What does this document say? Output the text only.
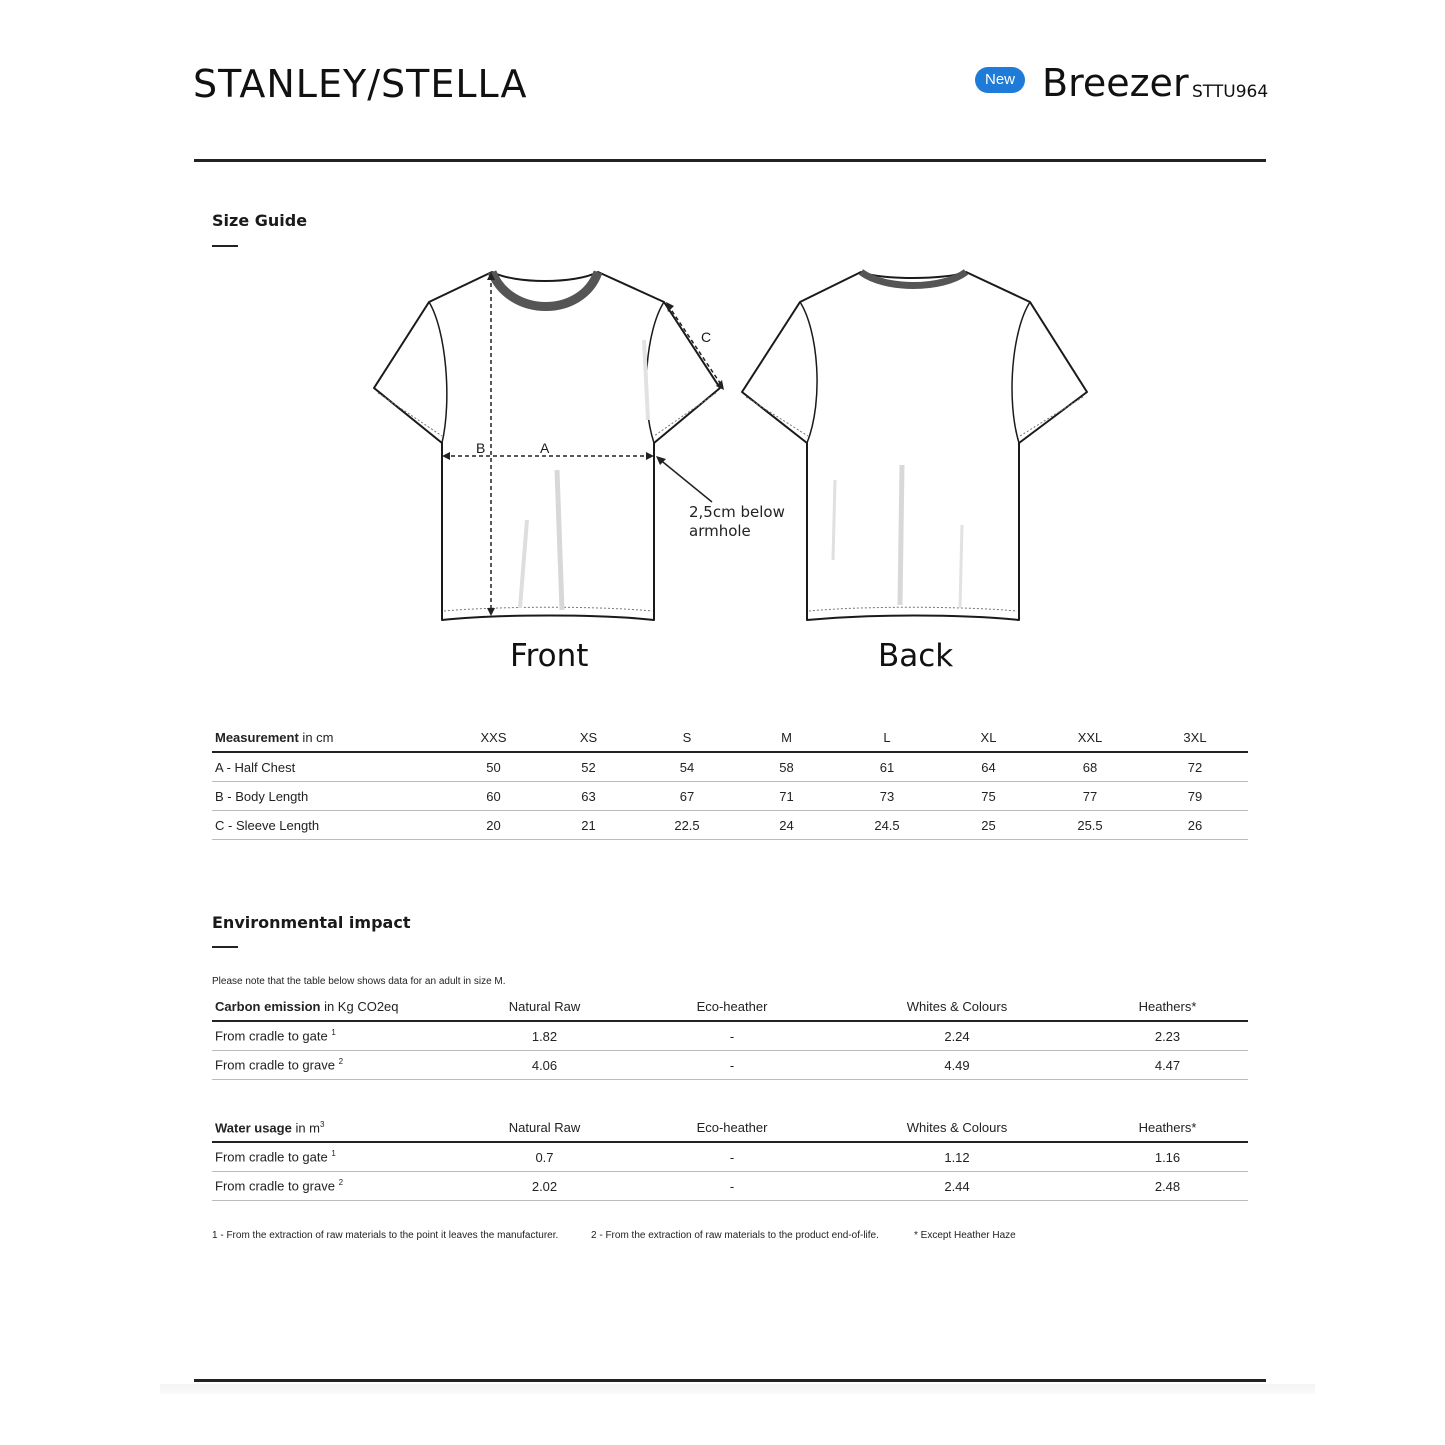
STANLEY/STELLA	New Breezer STTU964
Size Guide
B	A
C
2,5cm below
armhole
Front	Back
Measurement in cm	XXS	XS	S	M	L	XL	XXL	3XL
A - Half Chest	50	52	54	58	61	64	68	72
B - Body Length	60	63	67	71	73	75	77	79
C - Sleeve Length	20	21	22.5	24	24.5	25	25.5	26
Environmental impact
Please note that the table below shows data for an adult in size M.
Carbon emission in Kg CO2eq	Natural Raw	Eco-heather	Whites & Colours	Heathers*
From cradle to gate $^1$	1.82	-	2.24	2.23
From cradle to grave $^2$	4.06	-	4.49	4.47
Water usage in $m^3$	Natural Raw	Eco-heather	Whites & Colours	Heathers*
From cradle to gate $^1$	0.7	-	1.12	1.16
From cradle to grave $^2$	2.02	-	2.44	2.48
1 - From the extraction of raw materials to the point it leaves the manufacturer.	2 - From the extraction of raw materials to the product end-of-life.	* Except Heather Haze
